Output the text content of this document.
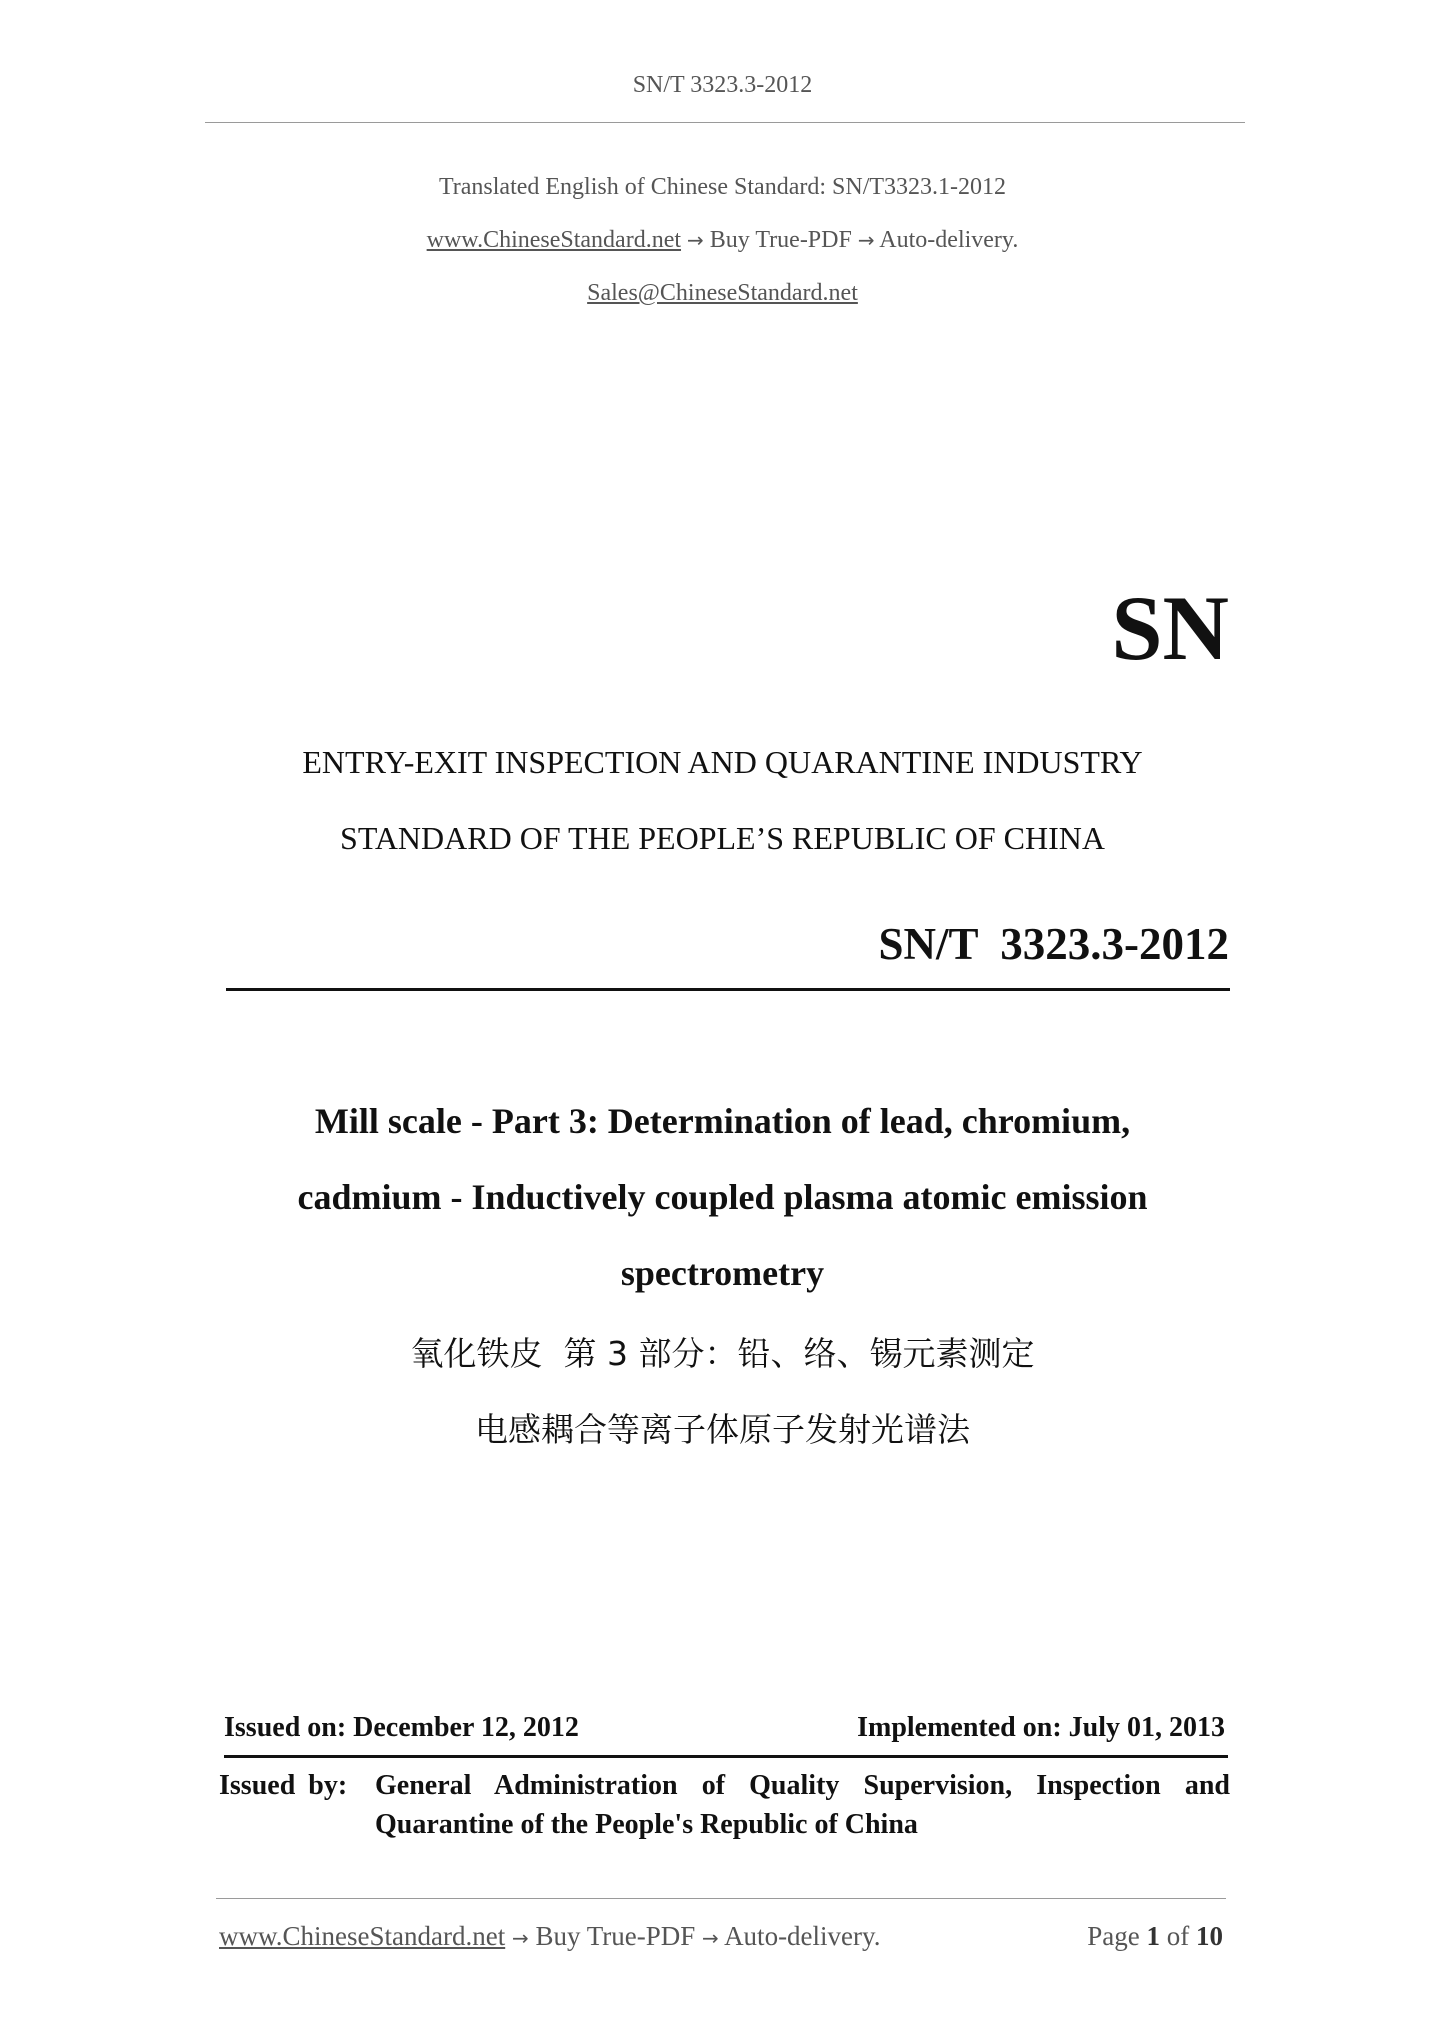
SN/T 3323.3-2012
Translated English of Chinese Standard: SN/T3323.1-2012
www.ChineseStandard.net → Buy True-PDF → Auto-delivery.
Sales@ChineseStandard.net
SN
ENTRY-EXIT INSPECTION AND QUARANTINE INDUSTRY
STANDARD OF THE PEOPLE’S REPUBLIC OF CHINA
SN/T  3323.3-2012
Mill scale - Part 3: Determination of lead, chromium,
cadmium - Inductively coupled plasma atomic emission
spectrometry
氧化铁皮  第 3 部分：铅、络、锡元素测定
电感耦合等离子体原子发射光谱法
Issued on: December 12, 2012	Implemented on: July 01, 2013
Issued by: General Administration of Quality Supervision, Inspection and
Quarantine of the People's Republic of China
www.ChineseStandard.net → Buy True-PDF → Auto-delivery.	Page 1 of 10
